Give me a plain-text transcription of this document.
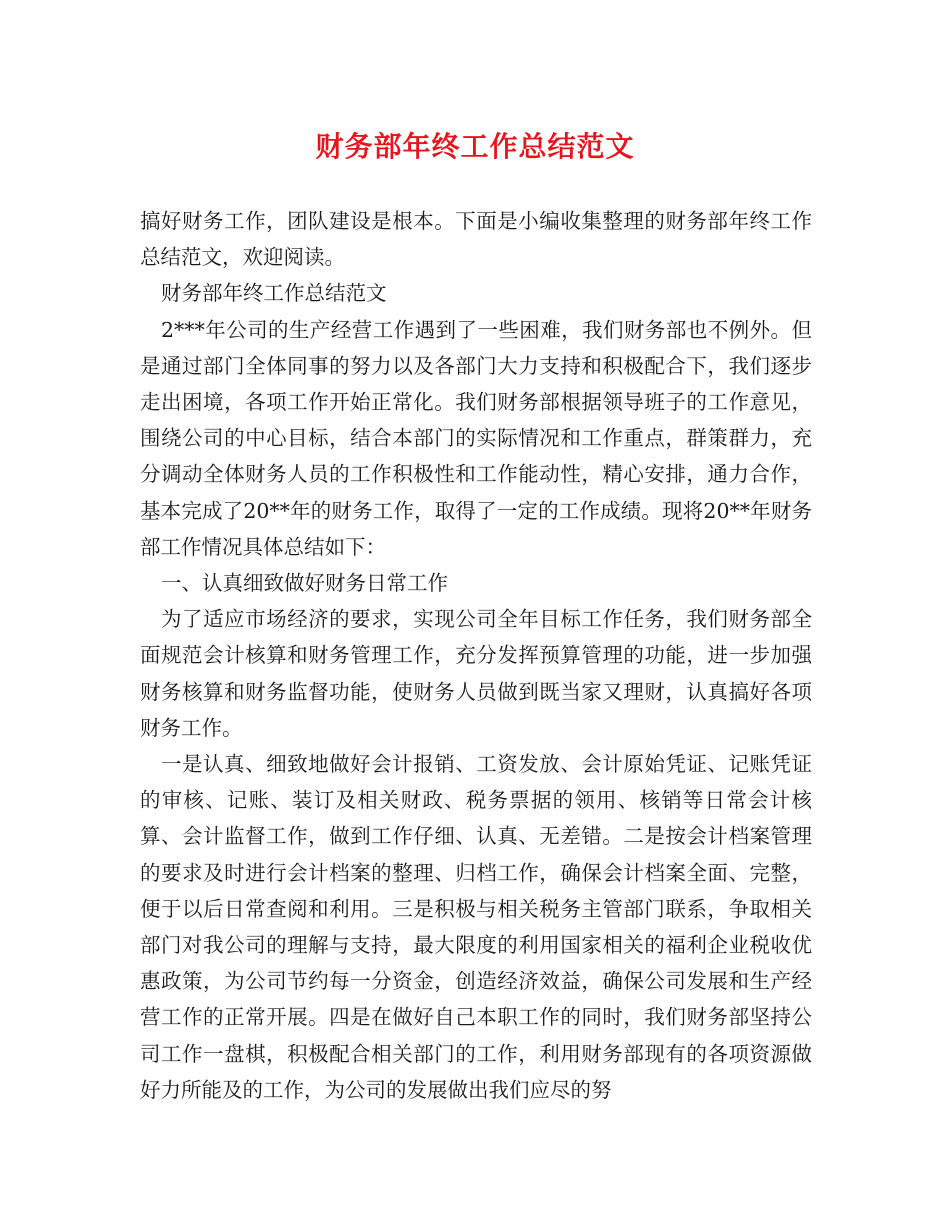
财务部年终工作总结范文

搞好财务工作，团队建设是根本。下面是小编收集整理的财务部年终工作总结范文，欢迎阅读。

财务部年终工作总结范文

2***年公司的生产经营工作遇到了一些困难，我们财务部也不例外。但是通过部门全体同事的努力以及各部门大力支持和积极配合下，我们逐步走出困境，各项工作开始正常化。我们财务部根据领导班子的工作意见，围绕公司的中心目标，结合本部门的实际情况和工作重点，群策群力，充分调动全体财务人员的工作积极性和工作能动性，精心安排，通力合作，基本完成了20**年的财务工作，取得了一定的工作成绩。现将20**年财务部工作情况具体总结如下：

一、认真细致做好财务日常工作

为了适应市场经济的要求，实现公司全年目标工作任务，我们财务部全面规范会计核算和财务管理工作，充分发挥预算管理的功能，进一步加强财务核算和财务监督功能，使财务人员做到既当家又理财，认真搞好各项财务工作。

一是认真、细致地做好会计报销、工资发放、会计原始凭证、记账凭证的审核、记账、装订及相关财政、税务票据的领用、核销等日常会计核算、会计监督工作，做到工作仔细、认真、无差错。二是按会计档案管理的要求及时进行会计档案的整理、归档工作，确保会计档案全面、完整，便于以后日常查阅和利用。三是积极与相关税务主管部门联系，争取相关部门对我公司的理解与支持，最大限度的利用国家相关的福利企业税收优惠政策，为公司节约每一分资金，创造经济效益，确保公司发展和生产经营工作的正常开展。四是在做好自己本职工作的同时，我们财务部坚持公司工作一盘棋，积极配合相关部门的工作，利用财务部现有的各项资源做好力所能及的工作，为公司的发展做出我们应尽的努
